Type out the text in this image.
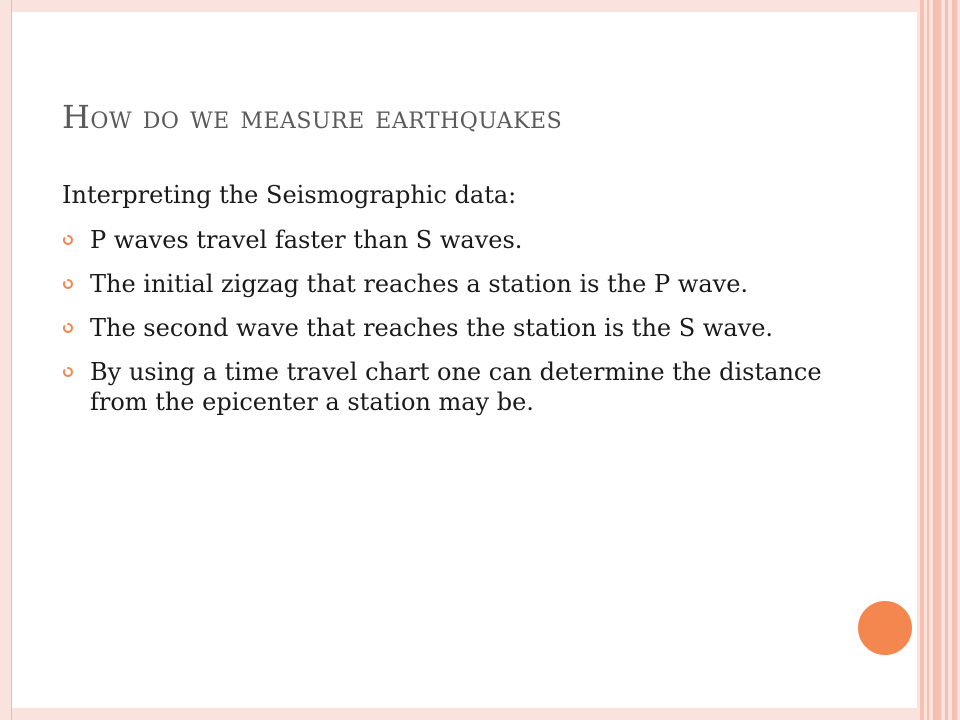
How do we measure earthquakes
Interpreting the Seismographic data:
P waves travel faster than S waves.
The initial zigzag that reaches a station is the P wave.
The second wave that reaches the station is the S wave.
By using a time travel chart one can determine the distance from the epicenter a station may be.
